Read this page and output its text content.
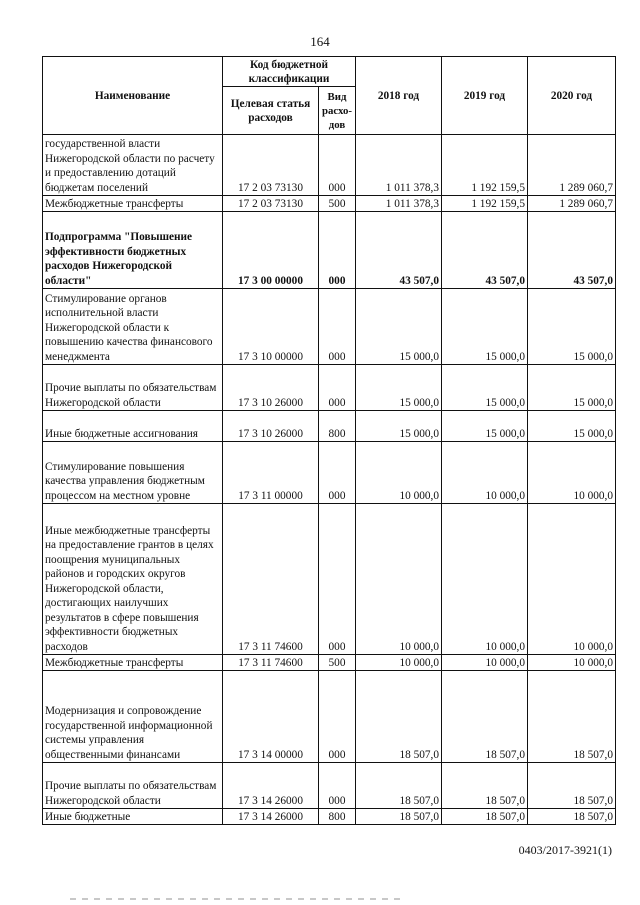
164
Наименование	Код бюджетной классификации		2018 год	2019 год	2020 год
	Целевая статья расходов	Вид расхо-дов			
государственной власти Нижегородской области по расчету и предоставлению дотаций бюджетам поселений	17 2 03 73130	000	1 011 378,3	1 192 159,5	1 289 060,7
Межбюджетные трансферты	17 2 03 73130	500	1 011 378,3	1 192 159,5	1 289 060,7
Подпрограмма "Повышение эффективности бюджетных расходов Нижегородской области"	17 3 00 00000	000	43 507,0	43 507,0	43 507,0
Стимулирование органов исполнительной власти Нижегородской области к повышению качества финансового менеджмента	17 3 10 00000	000	15 000,0	15 000,0	15 000,0
Прочие выплаты по обязательствам Нижегородской области	17 3 10 26000	000	15 000,0	15 000,0	15 000,0
Иные бюджетные ассигнования	17 3 10 26000	800	15 000,0	15 000,0	15 000,0
Стимулирование повышения качества управления бюджетным процессом на местном уровне	17 3 11 00000	000	10 000,0	10 000,0	10 000,0
Иные межбюджетные трансферты на предоставление грантов в целях поощрения муниципальных районов и городских округов Нижегородской области, достигающих наилучших результатов в сфере повышения эффективности бюджетных расходов	17 3 11 74600	000	10 000,0	10 000,0	10 000,0
Межбюджетные трансферты	17 3 11 74600	500	10 000,0	10 000,0	10 000,0
Модернизация и сопровождение государственной информационной системы управления общественными финансами	17 3 14 00000	000	18 507,0	18 507,0	18 507,0
Прочие выплаты по обязательствам Нижегородской области	17 3 14 26000	000	18 507,0	18 507,0	18 507,0
Иные бюджетные	17 3 14 26000	800	18 507,0	18 507,0	18 507,0
0403/2017-3921(1)
